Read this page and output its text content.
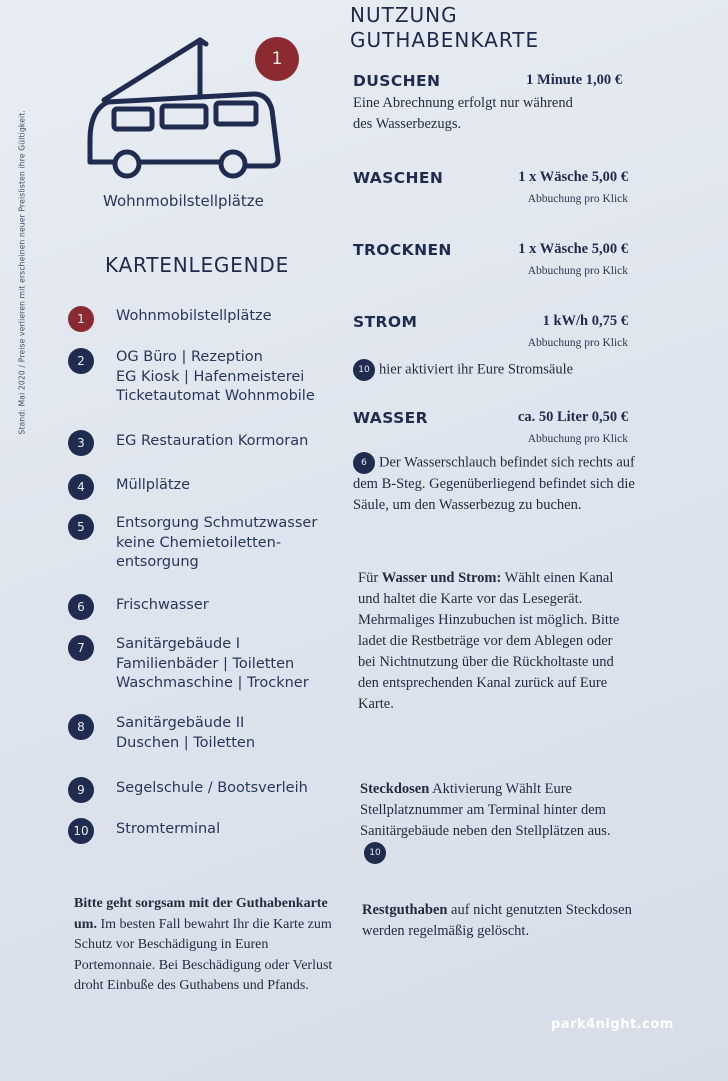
Stand: Mai 2020 / Preise verlieren mit erscheinen neuer Preislisten ihre Gültigkeit.
1
Wohnmobilstellplätze
KARTENLEGENDE
1	Wohnmobilstellplätze
2	OG Büro | Rezeption
EG Kiosk | Hafenmeisterei
Ticketautomat Wohnmobile
3	EG Restauration Kormoran
4	Müllplätze
5	Entsorgung Schmutzwasser
keine Chemietoiletten-
entsorgung
6	Frischwasser
7	Sanitärgebäude I
Familienbäder | Toiletten
Waschmaschine | Trockner
8	Sanitärgebäude II
Duschen | Toiletten
9	Segelschule / Bootsverleih
10	Stromterminal
Bitte geht sorgsam mit der Guthabenkarte um. Im besten Fall bewahrt Ihr die Karte zum Schutz vor Beschädigung in Euren Portemonnaie. Bei Beschädigung oder Verlust droht Einbuße des Guthabens und Pfands.
NUTZUNG
GUTHABENKARTE
DUSCHEN	1 Minute 1,00 €
Eine Abrechnung erfolgt nur während des Wasserbezugs.
WASCHEN	1 x Wäsche 5,00 €
Abbuchung pro Klick
TROCKNEN	1 x Wäsche 5,00 €
Abbuchung pro Klick
STROM	1 kW/h 0,75 €
Abbuchung pro Klick
10 hier aktiviert ihr Eure Stromsäule
WASSER	ca. 50 Liter 0,50 €
Abbuchung pro Klick
6 Der Wasserschlauch befindet sich rechts auf dem B-Steg. Gegenüberliegend befindet sich die Säule, um den Wasserbezug zu buchen.
Für Wasser und Strom: Wählt einen Kanal und haltet die Karte vor das Lesegerät. Mehrmaliges Hinzubuchen ist möglich. Bitte ladet die Restbeträge vor dem Ablegen oder bei Nichtnutzung über die Rückholtaste und den entsprechenden Kanal zurück auf Eure Karte.
Steckdosen Aktivierung Wählt Eure Stellplatznummer am Terminal hinter dem Sanitärgebäude neben den Stellplätzen aus. 10
Restguthaben auf nicht genutzten Steckdosen werden regelmäßig gelöscht.
park4night.com
